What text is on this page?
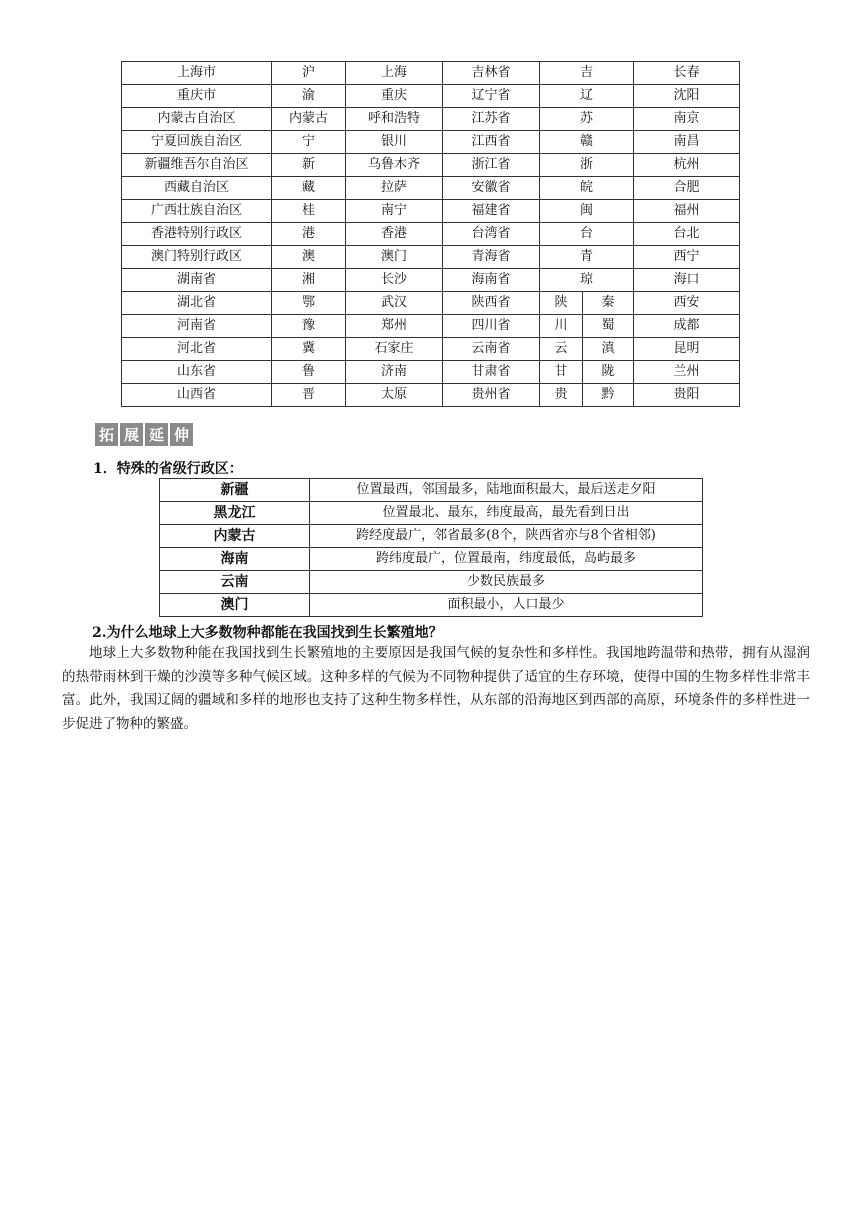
上海市	沪	上海	吉林省	吉		长春
重庆市	渝	重庆	辽宁省	辽		沈阳
内蒙古自治区	内蒙古	呼和浩特	江苏省	苏		南京
宁夏回族自治区	宁	银川	江西省	赣		南昌
新疆维吾尔自治区	新	乌鲁木齐	浙江省	浙		杭州
西藏自治区	藏	拉萨	安徽省	皖		合肥
广西壮族自治区	桂	南宁	福建省	闽		福州
香港特别行政区	港	香港	台湾省	台		台北
澳门特别行政区	澳	澳门	青海省	青		西宁
湖南省	湘	长沙	海南省	琼		海口
湖北省	鄂	武汉	陕西省	陕	秦	西安
河南省	豫	郑州	四川省	川	蜀	成都
河北省	冀	石家庄	云南省	云	滇	昆明
山东省	鲁	济南	甘肃省	甘	陇	兰州
山西省	晋	太原	贵州省	贵	黔	贵阳
拓 展 延 伸
1．特殊的省级行政区：
新疆	位置最西，邻国最多，陆地面积最大，最后送走夕阳
黑龙江	位置最北、最东，纬度最高，最先看到日出
内蒙古	跨经度最广，邻省最多(8个，陕西省亦与8个省相邻)
海南	跨纬度最广，位置最南，纬度最低，岛屿最多
云南	少数民族最多
澳门	面积最小，人口最少
2.为什么地球上大多数物种都能在我国找到生长繁殖地？
地球上大多数物种能在我国找到生长繁殖地的主要原因是我国气候的复杂性和多样性。我国地跨温带和热带，拥有从湿润的热带雨林到干燥的沙漠等多种气候区域。这种多样的气候为不同物种提供了适宜的生存环境，使得中国的生物多样性非常丰富。此外，我国辽阔的疆域和多样的地形也支持了这种生物多样性，从东部的沿海地区到西部的高原，环境条件的多样性进一步促进了物种的繁盛。
